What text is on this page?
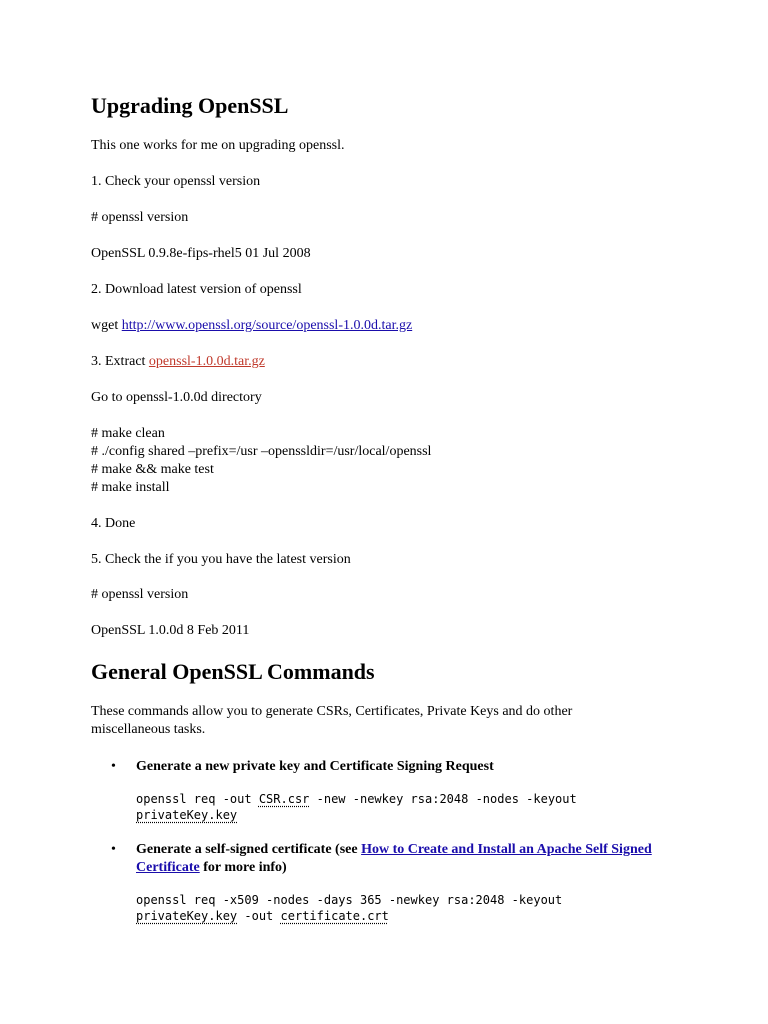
Upgrading OpenSSL

This one works for me on upgrading openssl.

1. Check your openssl version

# openssl version

OpenSSL 0.9.8e-fips-rhel5 01 Jul 2008

2. Download latest version of openssl

wget http://www.openssl.org/source/openssl-1.0.0d.tar.gz

3. Extract openssl-1.0.0d.tar.gz

Go to openssl-1.0.0d directory

# make clean

# ./config shared –prefix=/usr –openssldir=/usr/local/openssl

# make && make test

# make install

4. Done

5. Check the if you you have the latest version

# openssl version

OpenSSL 1.0.0d 8 Feb 2011

General OpenSSL Commands

These commands allow you to generate CSRs, Certificates, Private Keys and do other miscellaneous tasks.

• Generate a new private key and Certificate Signing Request

openssl req -out CSR.csr -new -newkey rsa:2048 -nodes -keyout

privateKey.key

• Generate a self-signed certificate (see How to Create and Install an Apache Self Signed Certificate for more info)

openssl req -x509 -nodes -days 365 -newkey rsa:2048 -keyout

privateKey.key -out certificate.crt
